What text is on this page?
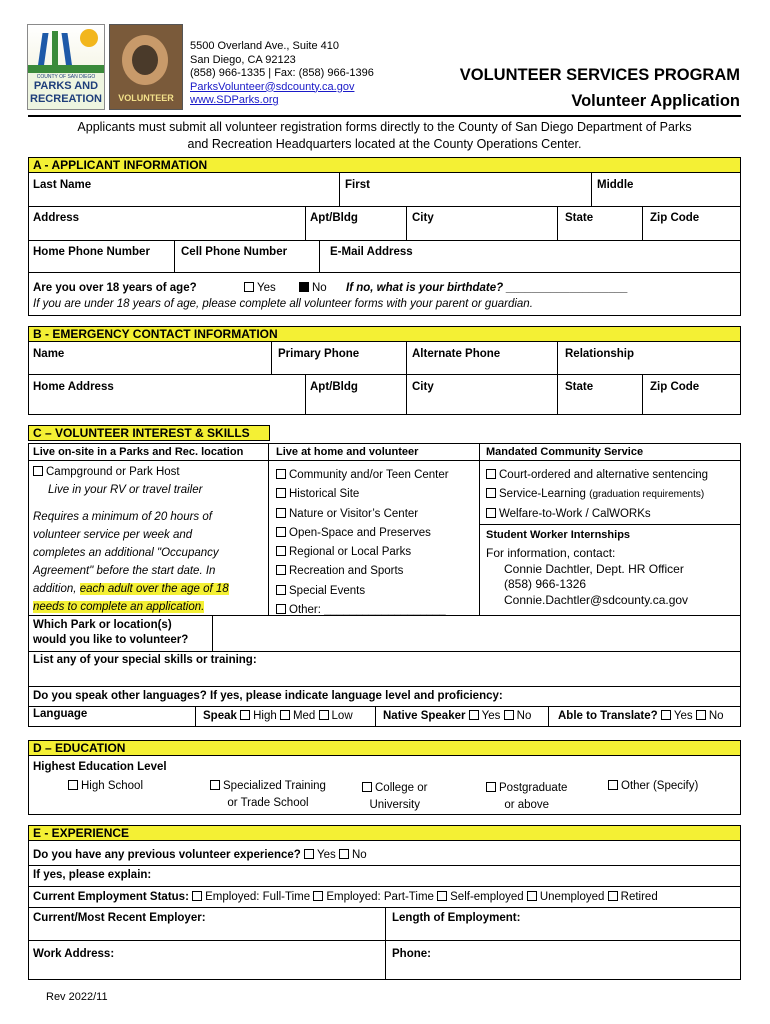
COUNTY OF SAN DIEGO
PARKS AND
RECREATION	VOLUNTEER
5500 Overland Ave., Suite 410
San Diego, CA 92123
(858) 966-1335 | Fax: (858) 966-1396
ParksVolunteer@sdcounty.ca.gov
www.SDParks.org
VOLUNTEER SERVICES PROGRAM
Volunteer Application
Applicants must submit all volunteer registration forms directly to the County of San Diego Department of Parks
and Recreation Headquarters located at the County Operations Center.
A - APPLICANT INFORMATION
Last Name	First	Middle
Address	Apt/Bldg	City	State	Zip Code
Home Phone Number	Cell Phone Number	E-Mail Address
Are you over 18 years of age?	Yes	No If no, what is your birthdate? ___________________
If you are under 18 years of age, please complete all volunteer forms with your parent or guardian.
B - EMERGENCY CONTACT INFORMATION
Name	Primary Phone	Alternate Phone	Relationship
Home Address	Apt/Bldg	City	State	Zip Code
C – VOLUNTEER INTEREST & SKILLS
Live on-site in a Parks and Rec. location	Live at home and volunteer	Mandated Community Service
Campground or Park Host
Live in your RV or travel trailer
Requires a minimum of 20 hours of
volunteer service per week and
completes an additional "Occupancy
Agreement" before the start date. In
addition, each adult over the age of 18
needs to complete an application.
Community and/or Teen Center
Historical Site
Nature or Visitor’s Center
Open-Space and Preserves
Regional or Local Parks
Recreation and Sports
Special Events
Other: ___________________
Court-ordered and alternative sentencing
Service-Learning (graduation requirements)
Welfare-to-Work / CalWORKs
Student Worker Internships
For information, contact:
Connie Dachtler, Dept. HR Officer
(858) 966-1326
Connie.Dachtler@sdcounty.ca.gov
Which Park or location(s)
would you like to volunteer?
List any of your special skills or training:
Do you speak other languages? If yes, please indicate language level and proficiency:
Language	Speak High Med Low	Native Speaker Yes No Able to Translate? Yes No
D – EDUCATION
Highest Education Level
High School	Specialized Training
or Trade School
College or
University
Postgraduate
or above
Other (Specify)
E - EXPERIENCE
Do you have any previous volunteer experience? Yes No
If yes, please explain:
Current Employment Status: Employed: Full-Time Employed: Part-Time Self-employed Unemployed Retired
Current/Most Recent Employer:	Length of Employment:
Work Address:	Phone:
Rev 2022/11
